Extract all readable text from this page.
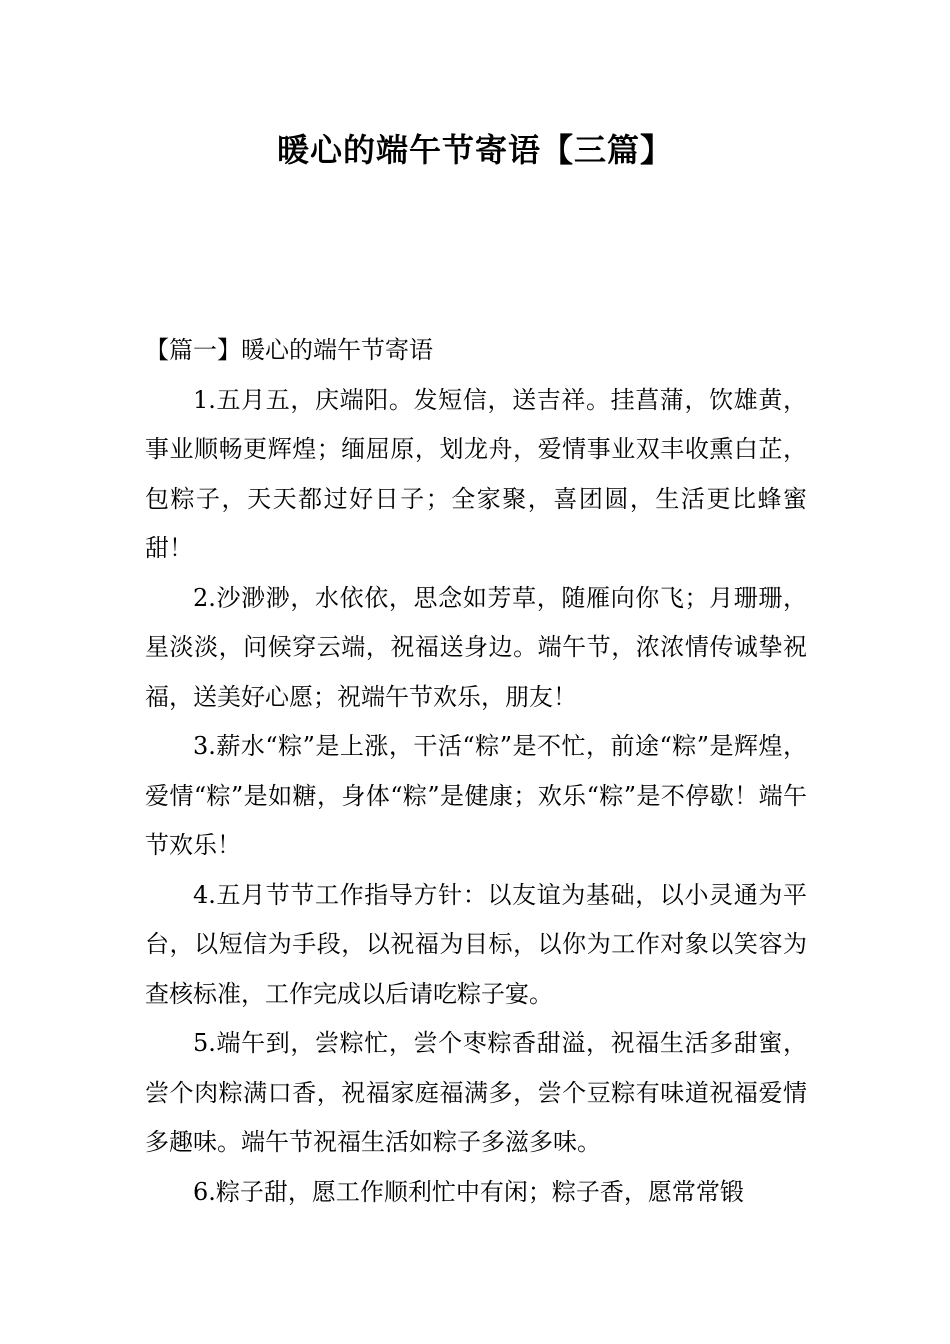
暖心的端午节寄语【三篇】

【篇一】暖心的端午节寄语

1.五月五，庆端阳。发短信，送吉祥。挂菖蒲，饮雄黄，事业顺畅更辉煌；缅屈原，划龙舟，爱情事业双丰收熏白芷，包粽子，天天都过好日子；全家聚，喜团圆，生活更比蜂蜜甜！

2.沙渺渺，水依依，思念如芳草，随雁向你飞；月珊珊，星淡淡，问候穿云端，祝福送身边。端午节，浓浓情传诚挚祝福，送美好心愿；祝端午节欢乐，朋友！

3.薪水“粽”是上涨，干活“粽”是不忙，前途“粽”是辉煌，爱情“粽”是如糖，身体“粽”是健康；欢乐“粽”是不停歇！端午节欢乐！

4.五月节节工作指导方针：以友谊为基础，以小灵通为平台，以短信为手段，以祝福为目标，以你为工作对象以笑容为查核标准，工作完成以后请吃粽子宴。

5.端午到，尝粽忙，尝个枣粽香甜溢，祝福生活多甜蜜，尝个肉粽满口香，祝福家庭福满多，尝个豆粽有味道祝福爱情多趣味。端午节祝福生活如粽子多滋多味。

6.粽子甜，愿工作顺利忙中有闲；粽子香，愿常常锻
